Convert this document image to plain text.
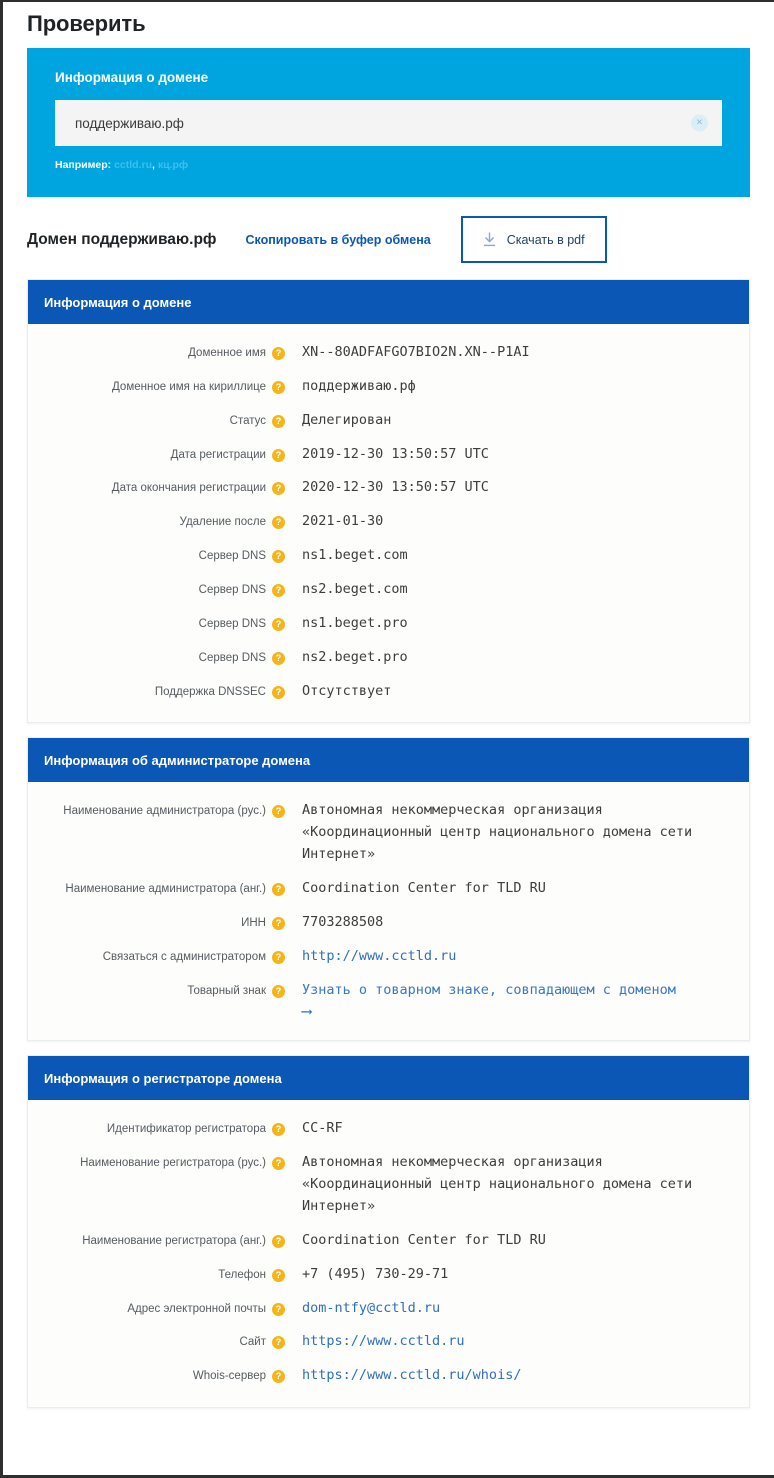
Проверить
Информация о домене
поддерживаю.рф
×
Например: cctld.ru, кц.рф
Домен поддерживаю.рф Скопировать в буфер обмена	Скачать в pdf
Информация о домене
Доменное имя	? XN--80ADFAFGO7BIO2N.XN--P1AI
Доменное имя на кириллице	? поддерживаю.рф
Статус	? Делегирован
Дата регистрации	? 2019-12-30 13:50:57 UTC
Дата окончания регистрации	? 2020-12-30 13:50:57 UTC
Удаление после	? 2021-01-30
Сервер DNS	? ns1.beget.com
Сервер DNS	? ns2.beget.com
Сервер DNS	? ns1.beget.pro
Сервер DNS	? ns2.beget.pro
Поддержка DNSSEC	? Отсутствует
Информация об администраторе домена
Наименование администратора (рус.)	? Автономная некоммерческая организация «Координационный центр национального домена сети Интернет»
Наименование администратора (анг.)	? Coordination Center for TLD RU
ИНН	? 7703288508
Связаться с администратором	? http://www.cctld.ru
Товарный знак	? Узнать о товарном знаке, совпадающем с доменом
⟶
Информация о регистраторе домена
Идентификатор регистратора	? CC-RF
Наименование регистратора (рус.)	? Автономная некоммерческая организация «Координационный центр национального домена сети Интернет»
Наименование регистратора (анг.)	? Coordination Center for TLD RU
Телефон	? +7 (495) 730-29-71
Адрес электронной почты	? dom-ntfy@cctld.ru
Сайт	? https://www.cctld.ru
Whois-сервер	? https://www.cctld.ru/whois/
